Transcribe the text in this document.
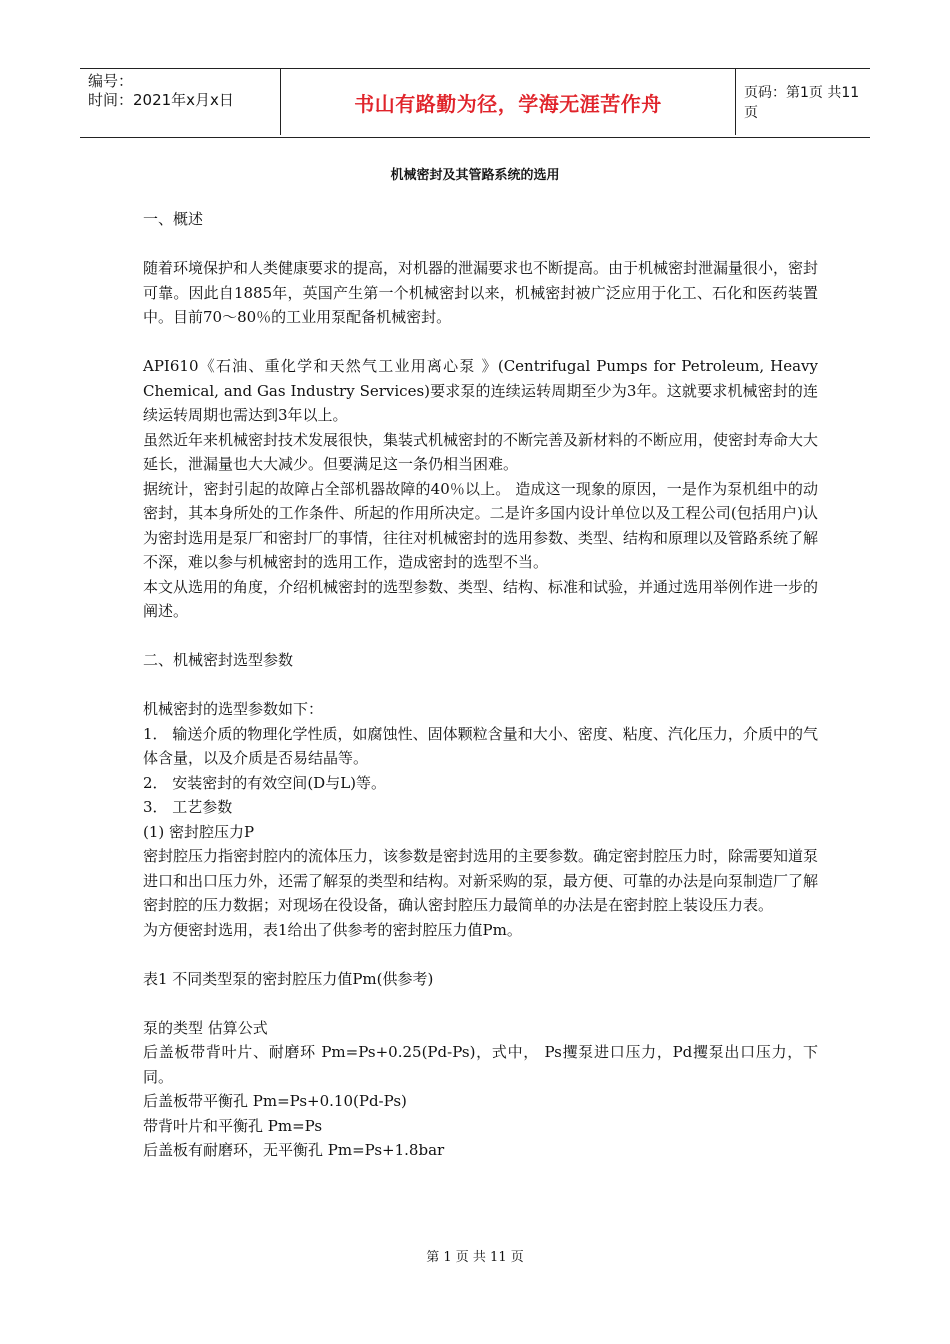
编号：
时间：2021年x月x日	书山有路勤为径，学海无涯苦作舟	页码：第1页 共11页
机械密封及其管路系统的选用

一、概述

随着环境保护和人类健康要求的提高，对机器的泄漏要求也不断提高。由于机械密封泄漏量很小，密封可靠。因此自1885年，英国产生第一个机械密封以来，机械密封被广泛应用于化工、石化和医药装置中。目前70～80％的工业用泵配备机械密封。

API610《石油、重化学和天然气工业用离心泵 》(Centrifugal Pumps for Petroleum, Heavy Chemical, and Gas Industry Services)要求泵的连续运转周期至少为3年。这就要求机械密封的连续运转周期也需达到3年以上。

虽然近年来机械密封技术发展很快，集装式机械密封的不断完善及新材料的不断应用，使密封寿命大大延长，泄漏量也大大减少。但要满足这一条仍相当困难。

据统计，密封引起的故障占全部机器故障的40％以上。 造成这一现象的原因，一是作为泵机组中的动密封，其本身所处的工作条件、所起的作用所决定。二是许多国内设计单位以及工程公司(包括用户)认为密封选用是泵厂和密封厂的事情，往往对机械密封的选用参数、类型、结构和原理以及管路系统了解不深，难以参与机械密封的选用工作，造成密封的选型不当。

本文从选用的角度，介绍机械密封的选型参数、类型、结构、标准和试验，并通过选用举例作进一步的阐述。

二、机械密封选型参数

机械密封的选型参数如下：

1． 输送介质的物理化学性质，如腐蚀性、固体颗粒含量和大小、密度、粘度、汽化压力，介质中的气体含量，以及介质是否易结晶等。

2． 安装密封的有效空间(D与L)等。

3． 工艺参数

(1) 密封腔压力P

密封腔压力指密封腔内的流体压力，该参数是密封选用的主要参数。确定密封腔压力时，除需要知道泵进口和出口压力外，还需了解泵的类型和结构。对新采购的泵，最方便、可靠的办法是向泵制造厂了解密封腔的压力数据；对现场在役设备，确认密封腔压力最简单的办法是在密封腔上装设压力表。

为方便密封选用，表1给出了供参考的密封腔压力值Pm。

表1 不同类型泵的密封腔压力值Pm(供参考)

泵的类型 估算公式

后盖板带背叶片、耐磨环 Pm=Ps+0.25(Pd-Ps)，式中， Ps攫泵进口压力，Pd攫泵出口压力，下同。

后盖板带平衡孔 Pm=Ps+0.10(Pd-Ps)

带背叶片和平衡孔 Pm=Ps

后盖板有耐磨环，无平衡孔 Pm=Ps+1.8bar

第 1 页 共 11 页
